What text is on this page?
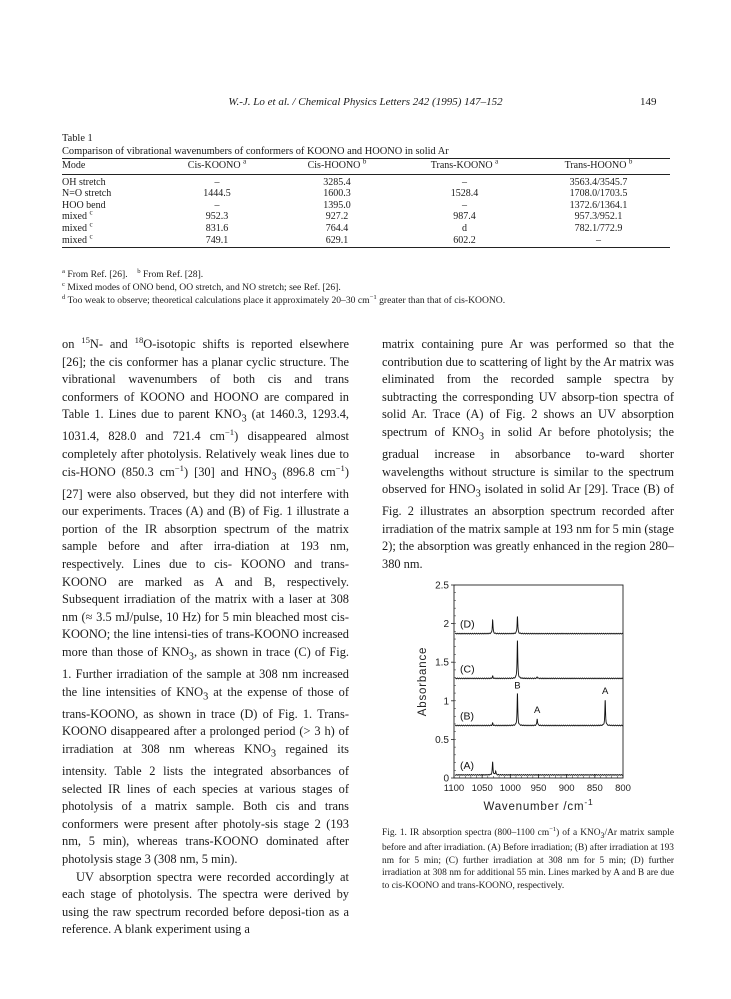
W.-J. Lo et al. / Chemical Physics Letters 242 (1995) 147–152	149
Table 1
Comparison of vibrational wavenumbers of conformers of KOONO and HOONO in solid Ar
Mode	Cis-KOONO $^a$	Cis-HOONO $^b$	Trans-KOONO $^a$	Trans-HOONO $^b$
OH stretch	–	3285.4	–	3563.4/3545.7
N=O stretch	1444.5	1600.3	1528.4	1708.0/1703.5
HOO bend	–	1395.0	–	1372.6/1364.1
mixed $^c$	952.3	927.2	987.4	957.3/952.1
mixed $^c$	831.6	764.4	d	782.1/772.9
mixed $^c$	749.1	629.1	602.2	–
$^a$ From Ref. [26]. $^b$ From Ref. [28].
$^c$ Mixed modes of ONO bend, OO stretch, and NO stretch; see Ref. [26].
$^d$ Too weak to observe; theoretical calculations place it approximately 20–30 $cm^{-1}$ greater than that of cis-KOONO.

on $^{15}$N- and $^{18}$O-isotopic shifts is reported elsewhere [26]; the cis conformer has a planar cyclic structure. The vibrational wavenumbers of both cis and trans conformers of KOONO and HOONO are compared in Table 1. Lines due to parent $KNO_3$ (at 1460.3, 1293.4, 1031.4, 828.0 and 721.4 $cm^{-1}$) disappeared almost completely after photolysis. Relatively weak lines due to cis-HONO (850.3 $cm^{-1}$) [30] and $HNO_3$ (896.8 $cm^{-1}$) [27] were also observed, but they did not interfere with our experiments. Traces (A) and (B) of Fig. 1 illustrate a portion of the IR absorption spectrum of the matrix sample before and after irra-diation at 193 nm, respectively. Lines due to cis- KOONO and trans-KOONO are marked as A and B, respectively. Subsequent irradiation of the matrix with a laser at 308 nm (≈ 3.5 mJ/pulse, 10 Hz) for 5 min bleached most cis-KOONO; the line intensi-ties of trans-KOONO increased more than those of $KNO_3$, as shown in trace (C) of Fig. 1. Further irradiation of the sample at 308 nm increased the line intensities of $KNO_3$ at the expense of those of trans-KOONO, as shown in trace (D) of Fig. 1. Trans-KOONO disappeared after a prolonged period (> 3 h) of irradiation at 308 nm whereas $KNO_3$ regained its intensity. Table 2 lists the integrated absorbances of selected IR lines of each species at various stages of photolysis of a matrix sample. Both cis and trans conformers were present after photoly-sis stage 2 (193 nm, 5 min), whereas trans-KOONO dominated after photolysis stage 3 (308 nm, 5 min).

UV absorption spectra were recorded accordingly at each stage of photolysis. The spectra were derived by using the raw spectrum recorded before deposi-tion as a reference. A blank experiment using a

matrix containing pure Ar was performed so that the contribution due to scattering of light by the Ar matrix was eliminated from the recorded sample spectra by subtracting the corresponding UV absorp-tion spectra of solid Ar. Trace (A) of Fig. 2 shows an UV absorption spectrum of $KNO_3$ in solid Ar before photolysis; the gradual increase in absorbance to-ward shorter wavelengths without structure is similar to the spectrum observed for $HNO_3$ isolated in solid Ar [29]. Trace (B) of Fig. 2 illustrates an absorption spectrum recorded after irradiation of the matrix sample at 193 nm for 5 min (stage 2); the absorption was greatly enhanced in the region 280–380 nm.

0
0.5
1
1.5
2
2.5
1100 1050 1000 950 900 850 800
Absorbance
Wavenumber $/cm^{-1}$
(A)
(B)
(C)
(D)
B
A
A
Fig. 1. IR absorption spectra (800–1100 $cm^{-1}$) of a $KNO_3/Ar$ matrix sample before and after irradiation. (A) Before irradiation; (B) after irradiation at 193 nm for 5 min; (C) further irradiation at 308 nm for 5 min; (D) further irradiation at 308 nm for additional 55 min. Lines marked by A and B are due to cis-KOONO and trans-KOONO, respectively.
